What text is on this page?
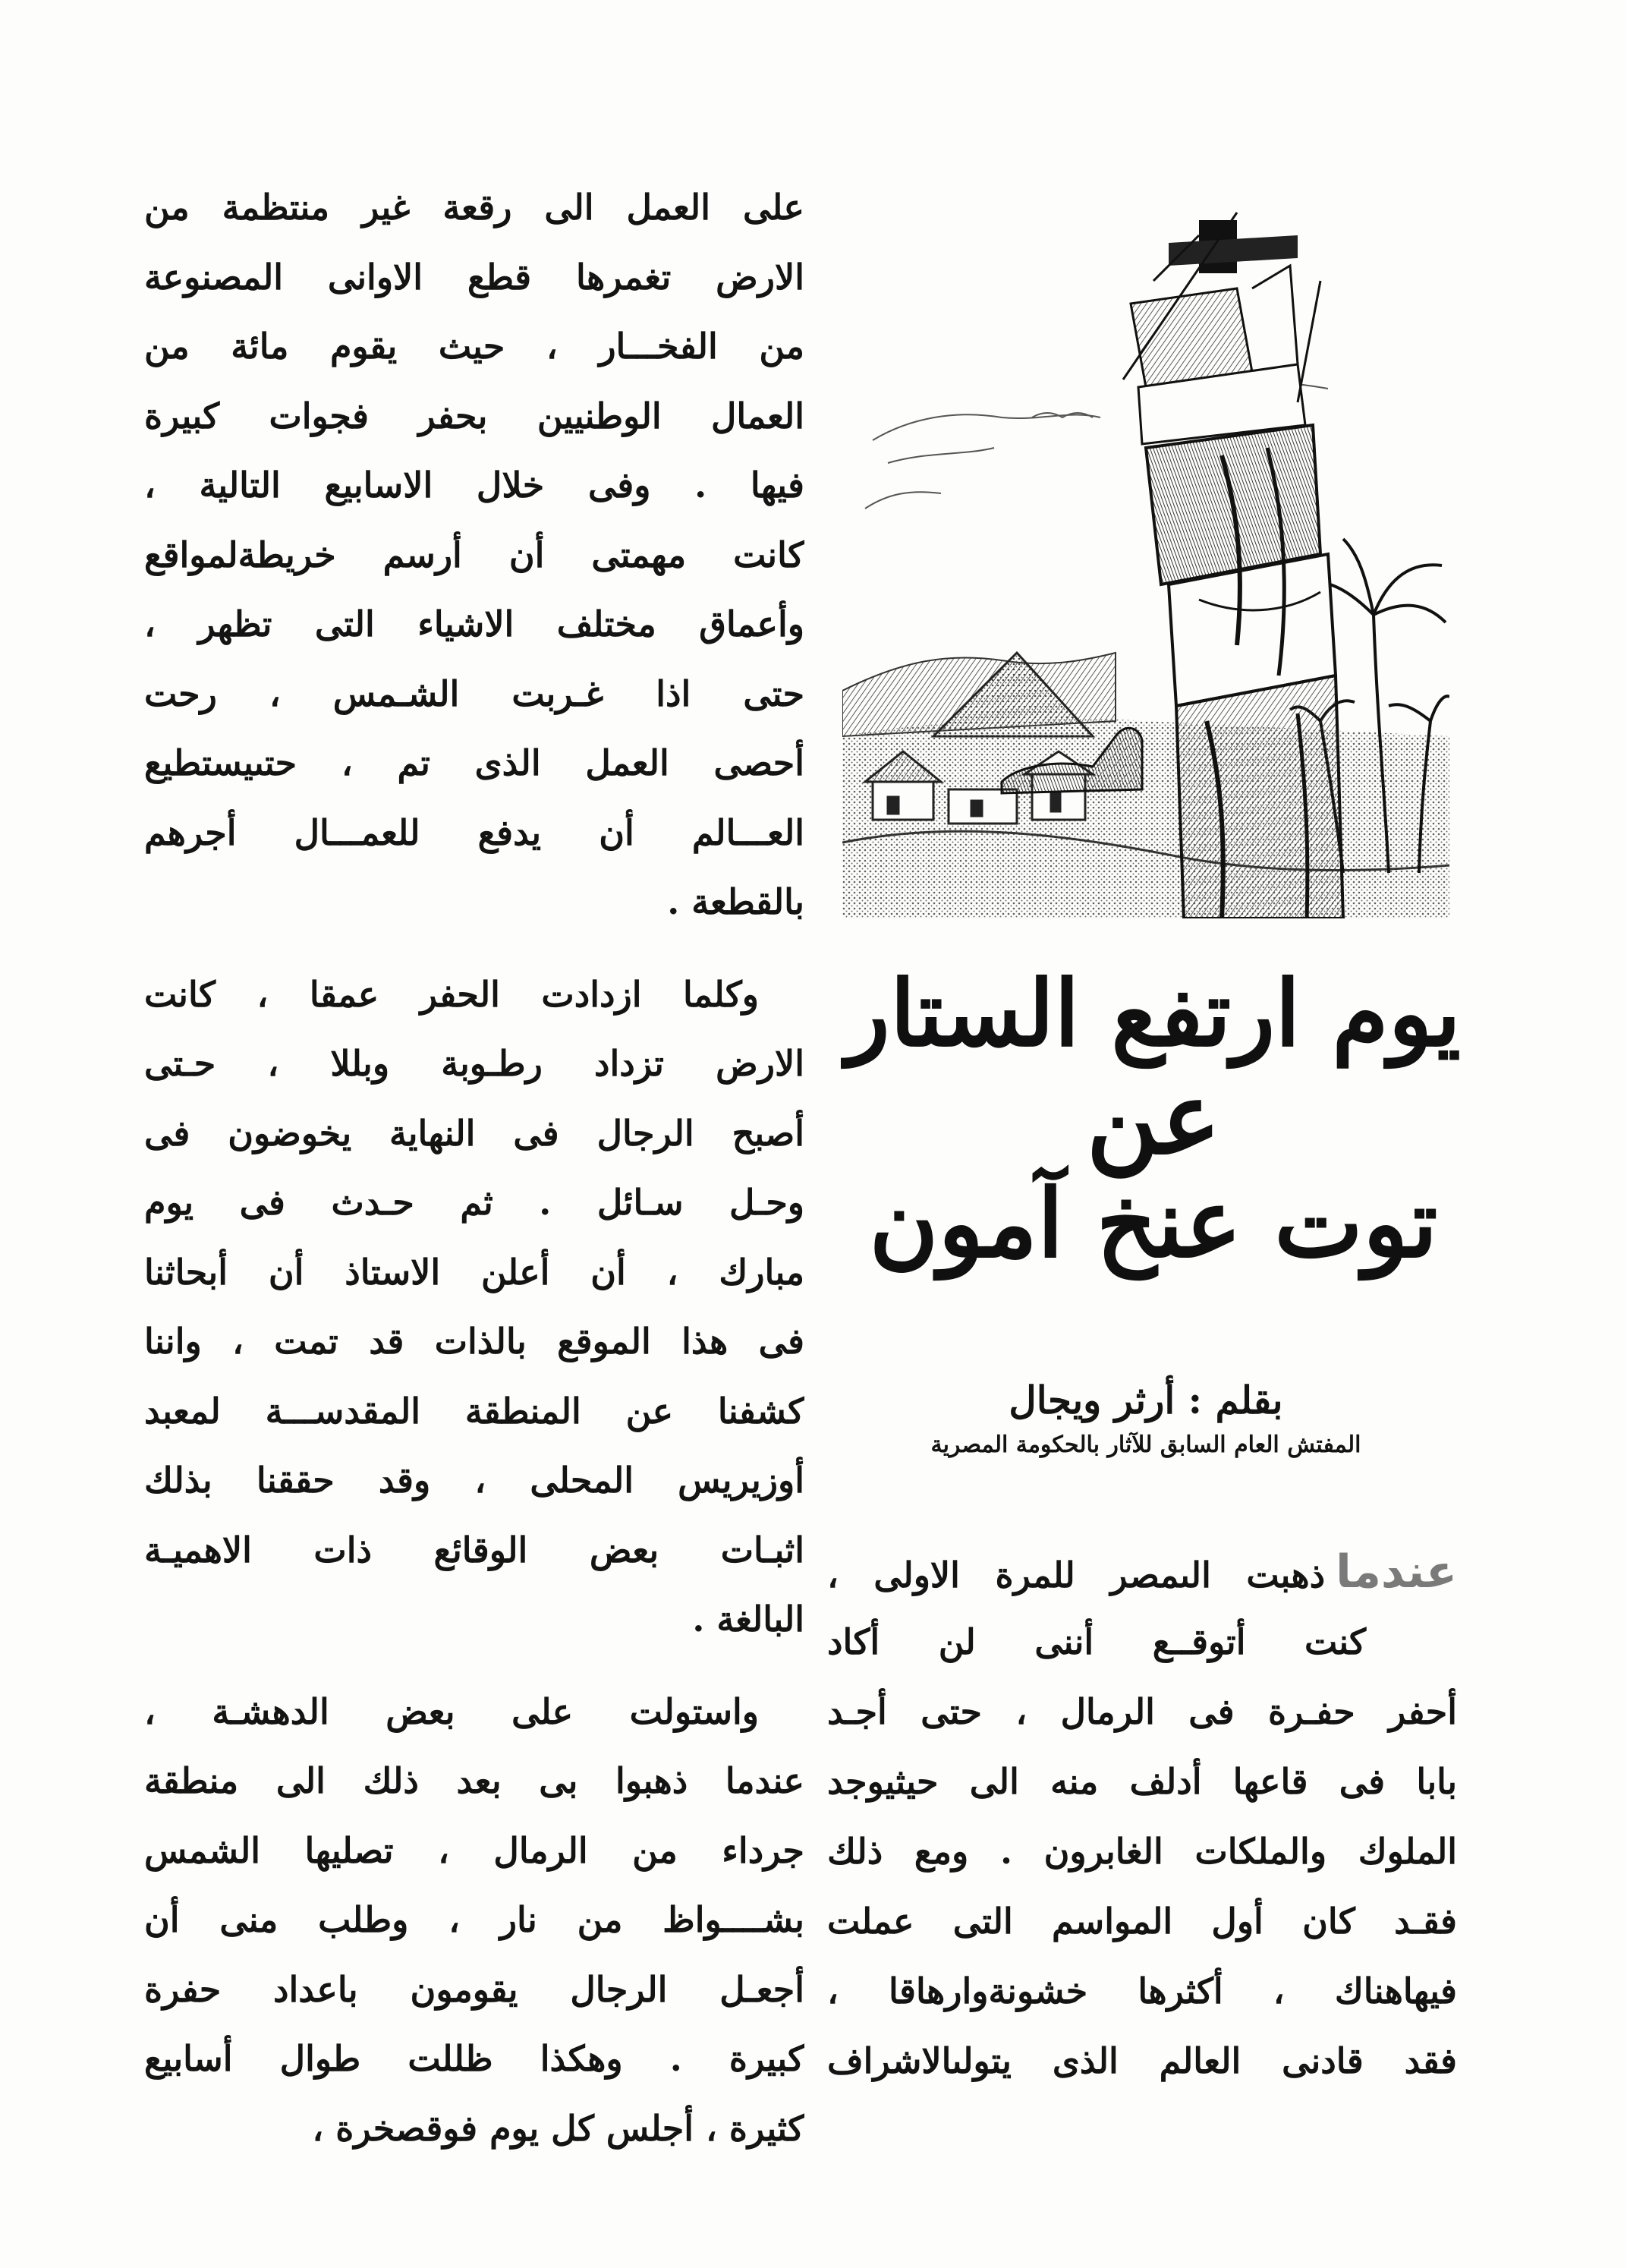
على العمل الى رقعة غير منتظمة من
الارض تغمرها قطع الاوانى المصنوعة
من الفخـــار ، حيث يقوم مائة من
العمال الوطنيين بحفر فجوات كبيرة
فيها . وفى خلال الاسابيع التالية ،
كانت مهمتى أن أرسم خريطةلمواقع
وأعماق مختلف الاشياء التى تظهر ،
حتى اذا غـربت الشـمس ، رحت
أحصى العمل الذى تم ، حتىيستطيع
العـــالم أن يدفع للعمـــال أجرهم
بالقطعة .
وكلما ازدادت الحفر عمقا ، كانت
الارض تزداد رطـوبة وبللا ، حـتى
أصبح الرجال فى النهاية يخوضون فى
وحـل سـائل . ثم حـدث فى يوم
مبارك ، أن أعلن الاستاذ أن أبحاثنا
فى هذا الموقع بالذات قد تمت ، واننا
كشفنا عن المنطقة المقدســـة لمعبد
أوزيريس المحلى ، وقد حققنا بذلك
اثبـات بعض الوقائع ذات الاهميـة
البالغة .
واستولت على بعض الدهشـة ،
عندما ذهبوا بى بعد ذلك الى منطقة
جرداء من الرمال ، تصليها الشمس
بشــــواظ من نار ، وطلب منى أن
أجعـل الرجال يقومون باعداد حفرة
كبيرة . وهكذا ظللت طوال أسابيع
كثيرة ، أجلس كل يوم فوقصخرة ،
يوم ارتفع الستار
عن
توت عنخ آمون
بقلم : أرثر ويجال
المفتش العام السابق للآثار بالحكومة المصرية
عندماذهبت الىمصر للمرة الاولى ،
كنت أتوقــع أننى لن أكاد
أحفر حفـرة فى الرمال ، حتى أجـد
بابا فى قاعها أدلف منه الى حيثيوجد
الملوك والملكات الغابرون . ومع ذلك
فقـد كان أول المواسم التى عملت
فيهاهناك ، أكثرها خشونةوارهاقا ،
فقد قادنى العالم الذى يتولىالاشراف
